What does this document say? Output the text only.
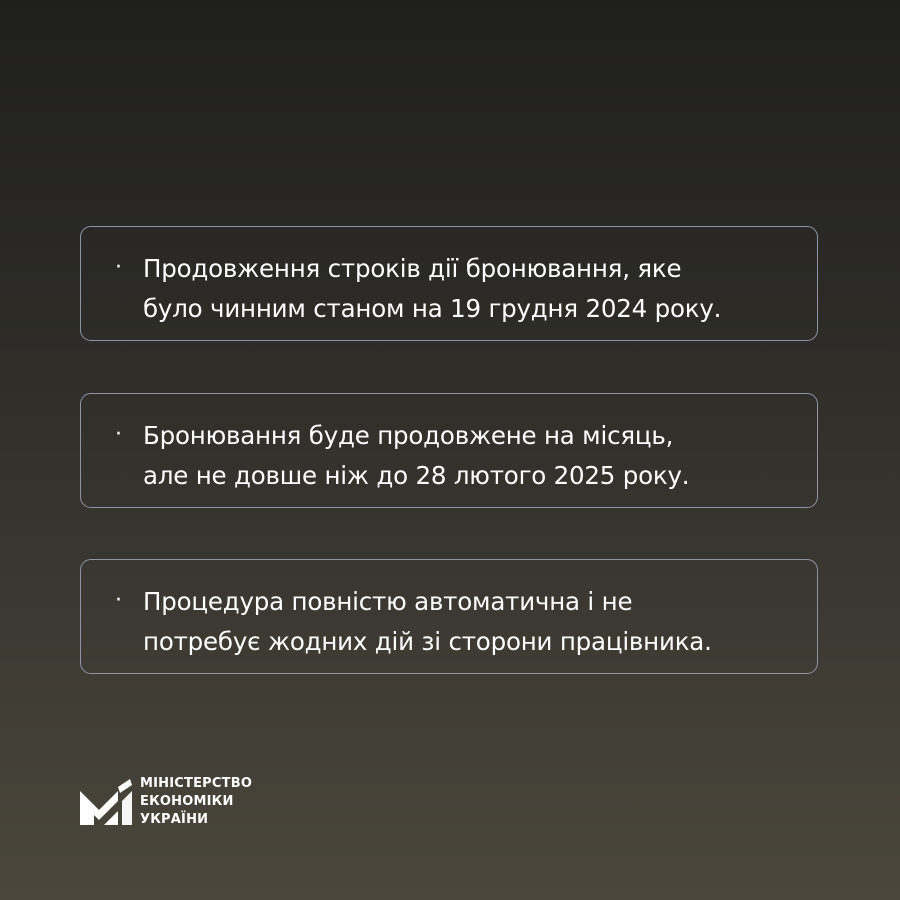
· Продовження строків дії бронювання, яке
було чинним станом на 19 грудня 2024 року.
· Бронювання буде продовжене на місяць,
але не довше ніж до 28 лютого 2025 року.
· Процедура повністю автоматична і не
потребує жодних дій зі сторони працівника.
МІНІСТЕРСТВО
ЕКОНОМІКИ
УКРАЇНИ
